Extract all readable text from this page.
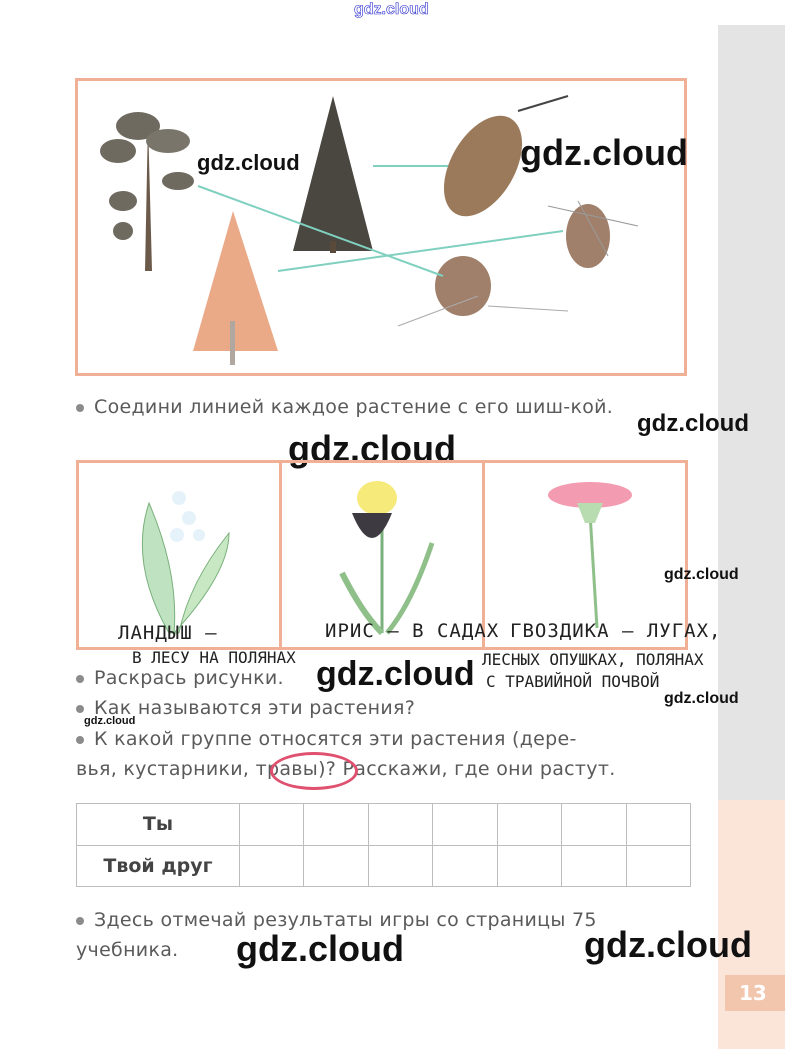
13
gdz.cloud
gdz.cloud	gdz.cloud
Соедини линией каждое растение с его шиш-кой.
gdz.cloud
gdz.cloud
gdz.cloud
ЛАНДЫШ –	ИРИС – В САДАХ ГВОЗДИКА – ЛУГАХ,
В ЛЕСУ НА ПОЛЯНАХ	ЛЕСНЫХ ОПУШКАХ, ПОЛЯНАХ
С ТРАВИЙНОЙ ПОЧВОЙ
Раскрась рисунки. gdz.cloud
gdz.cloud
Как называются эти растения?
gdz.cloud
К какой группе относятся эти растения (дере-
вья, кустарники, травы)? Расскажи, где они растут.
Ты							
Твой друг							
Здесь отмечай результаты игры со страницы 75
учебника.	gdz.cloud	gdz.cloud
